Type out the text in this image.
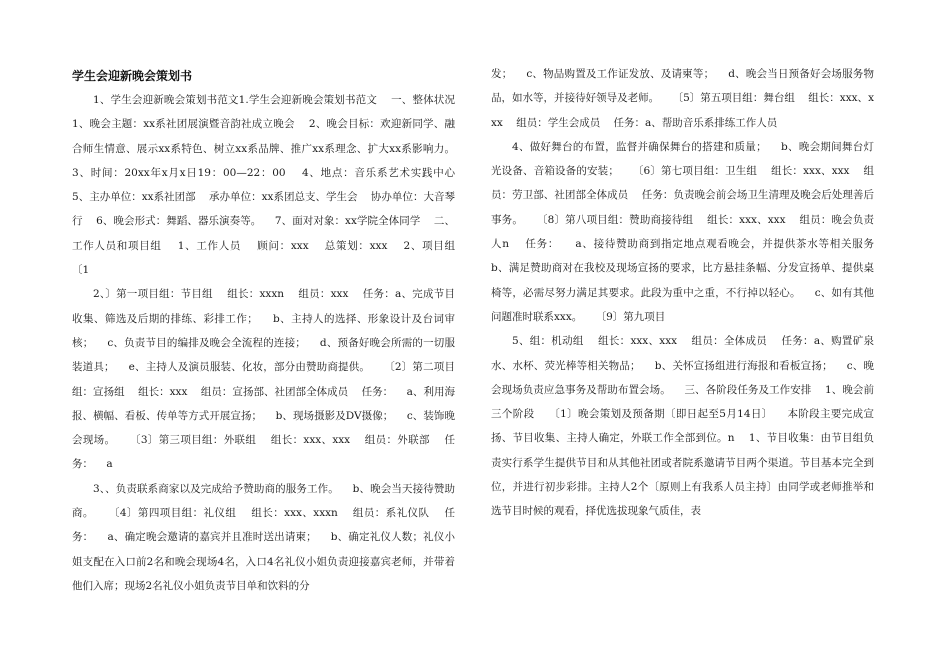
学生会迎新晚会策划书

1、学生会迎新晚会策划书范文1.学生会迎新晚会策划书范文    一、整体状况    1、晚会主题：xx系社团展演暨音韵社成立晚会    2、晚会目标：欢迎新同学、融合师生情意、展示xx系特色、树立xx系品牌、推广xx系理念、扩大xx系影响力。    3、时间：20xx年x月x日19：00—22：00    4、地点：音乐系艺术实践中心    5、主办单位：xx系社团部    承办单位：xx系团总支、学生会    协办单位：大音琴行    6、晚会形式：舞蹈、器乐演奏等。    7、面对对象：xx学院全体同学    二、工作人员和项目组    1、工作人员    顾问：xxx    总策划：xxx    2、项目组    〔1

2、〕第一项目组：节目组    组长：xxxn    组员：xxx    任务：a、完成节目收集、筛选及后期的排练、彩排工作；    b、主持人的选择、形象设计及台词审核；    c、负责节目的编排及晚会全流程的连接；    d、预备好晚会所需的一切服装道具；    e、主持人及演员服装、化妆，部分由赞助商提供。    〔2〕第二项目组：宣扬组    组长：xxx    组员：宣扬部、社团部全体成员    任务：    a、利用海报、横幅、看板、传单等方式开展宣扬；    b、现场摄影及DV摄像；    c、装饰晚会现场。    〔3〕第三项目组：外联组    组长：xxx、xxx    组员：外联部    任务：    a

3、、负责联系商家以及完成给予赞助商的服务工作。    b、晚会当天接待赞助商。    〔4〕第四项目组：礼仪组    组长：xxx、xxxn    组员：系礼仪队    任务：    a、确定晚会邀请的嘉宾并且准时送出请柬；    b、确定礼仪人数；礼仪小姐支配在入口前2名和晚会现场4名，入口4名礼仪小姐负责迎接嘉宾老师，并带着他们入席；现场2名礼仪小姐负责节目单和饮料的分

发；    c、物品购置及工作证发放、及请柬等；    d、晚会当日预备好会场服务物品，如水等，并接待好领导及老师。    〔5〕第五项目组：舞台组    组长：xxx、xxx    组员：学生会成员    任务：a、帮助音乐系排练工作人员

4、做好舞台的布置，监督并确保舞台的搭建和质量；    b、晚会期间舞台灯光设备、音箱设备的安装；    〔6〕第七项目组：卫生组    组长：xxx、xxx    组员：劳卫部、社团部全体成员    任务：负责晚会前会场卫生清理及晚会后处理善后事务。    〔8〕第八项目组：赞助商接待组    组长：xxx、xxx    组员：晚会负责人n    任务：    a、接待赞助商到指定地点观看晚会，并提供茶水等相关服务    b、满足赞助商对在我校及现场宣扬的要求，比方悬挂条幅、分发宣扬单、提供桌椅等，必需尽努力满足其要求。此段为重中之重，不行掉以轻心。    c、如有其他问题准时联系xxx。    〔9〕第九项目

5、组：机动组    组长：xxx、xxx    组员：全体成员    任务：a、购置矿泉水、水杯、荧光棒等相关物品；    b、关怀宣扬组进行海报和看板宣扬；    c、晚会现场负责应急事务及帮助布置会场。    三、各阶段任务及工作安排    1、晚会前三个阶段    〔1〕晚会策划及预备期〔即日起至5月14日〕    本阶段主要完成宣扬、节目收集、主持人确定，外联工作全部到位。n    1、节目收集：由节目组负责实行系学生提供节目和从其他社团或者院系邀请节目两个渠道。节目基本完全到位，并进行初步彩排。主持人2个〔原则上有我系人员主持〕由同学或老师推举和选节目时候的观看，择优选拔现象气质佳，表
